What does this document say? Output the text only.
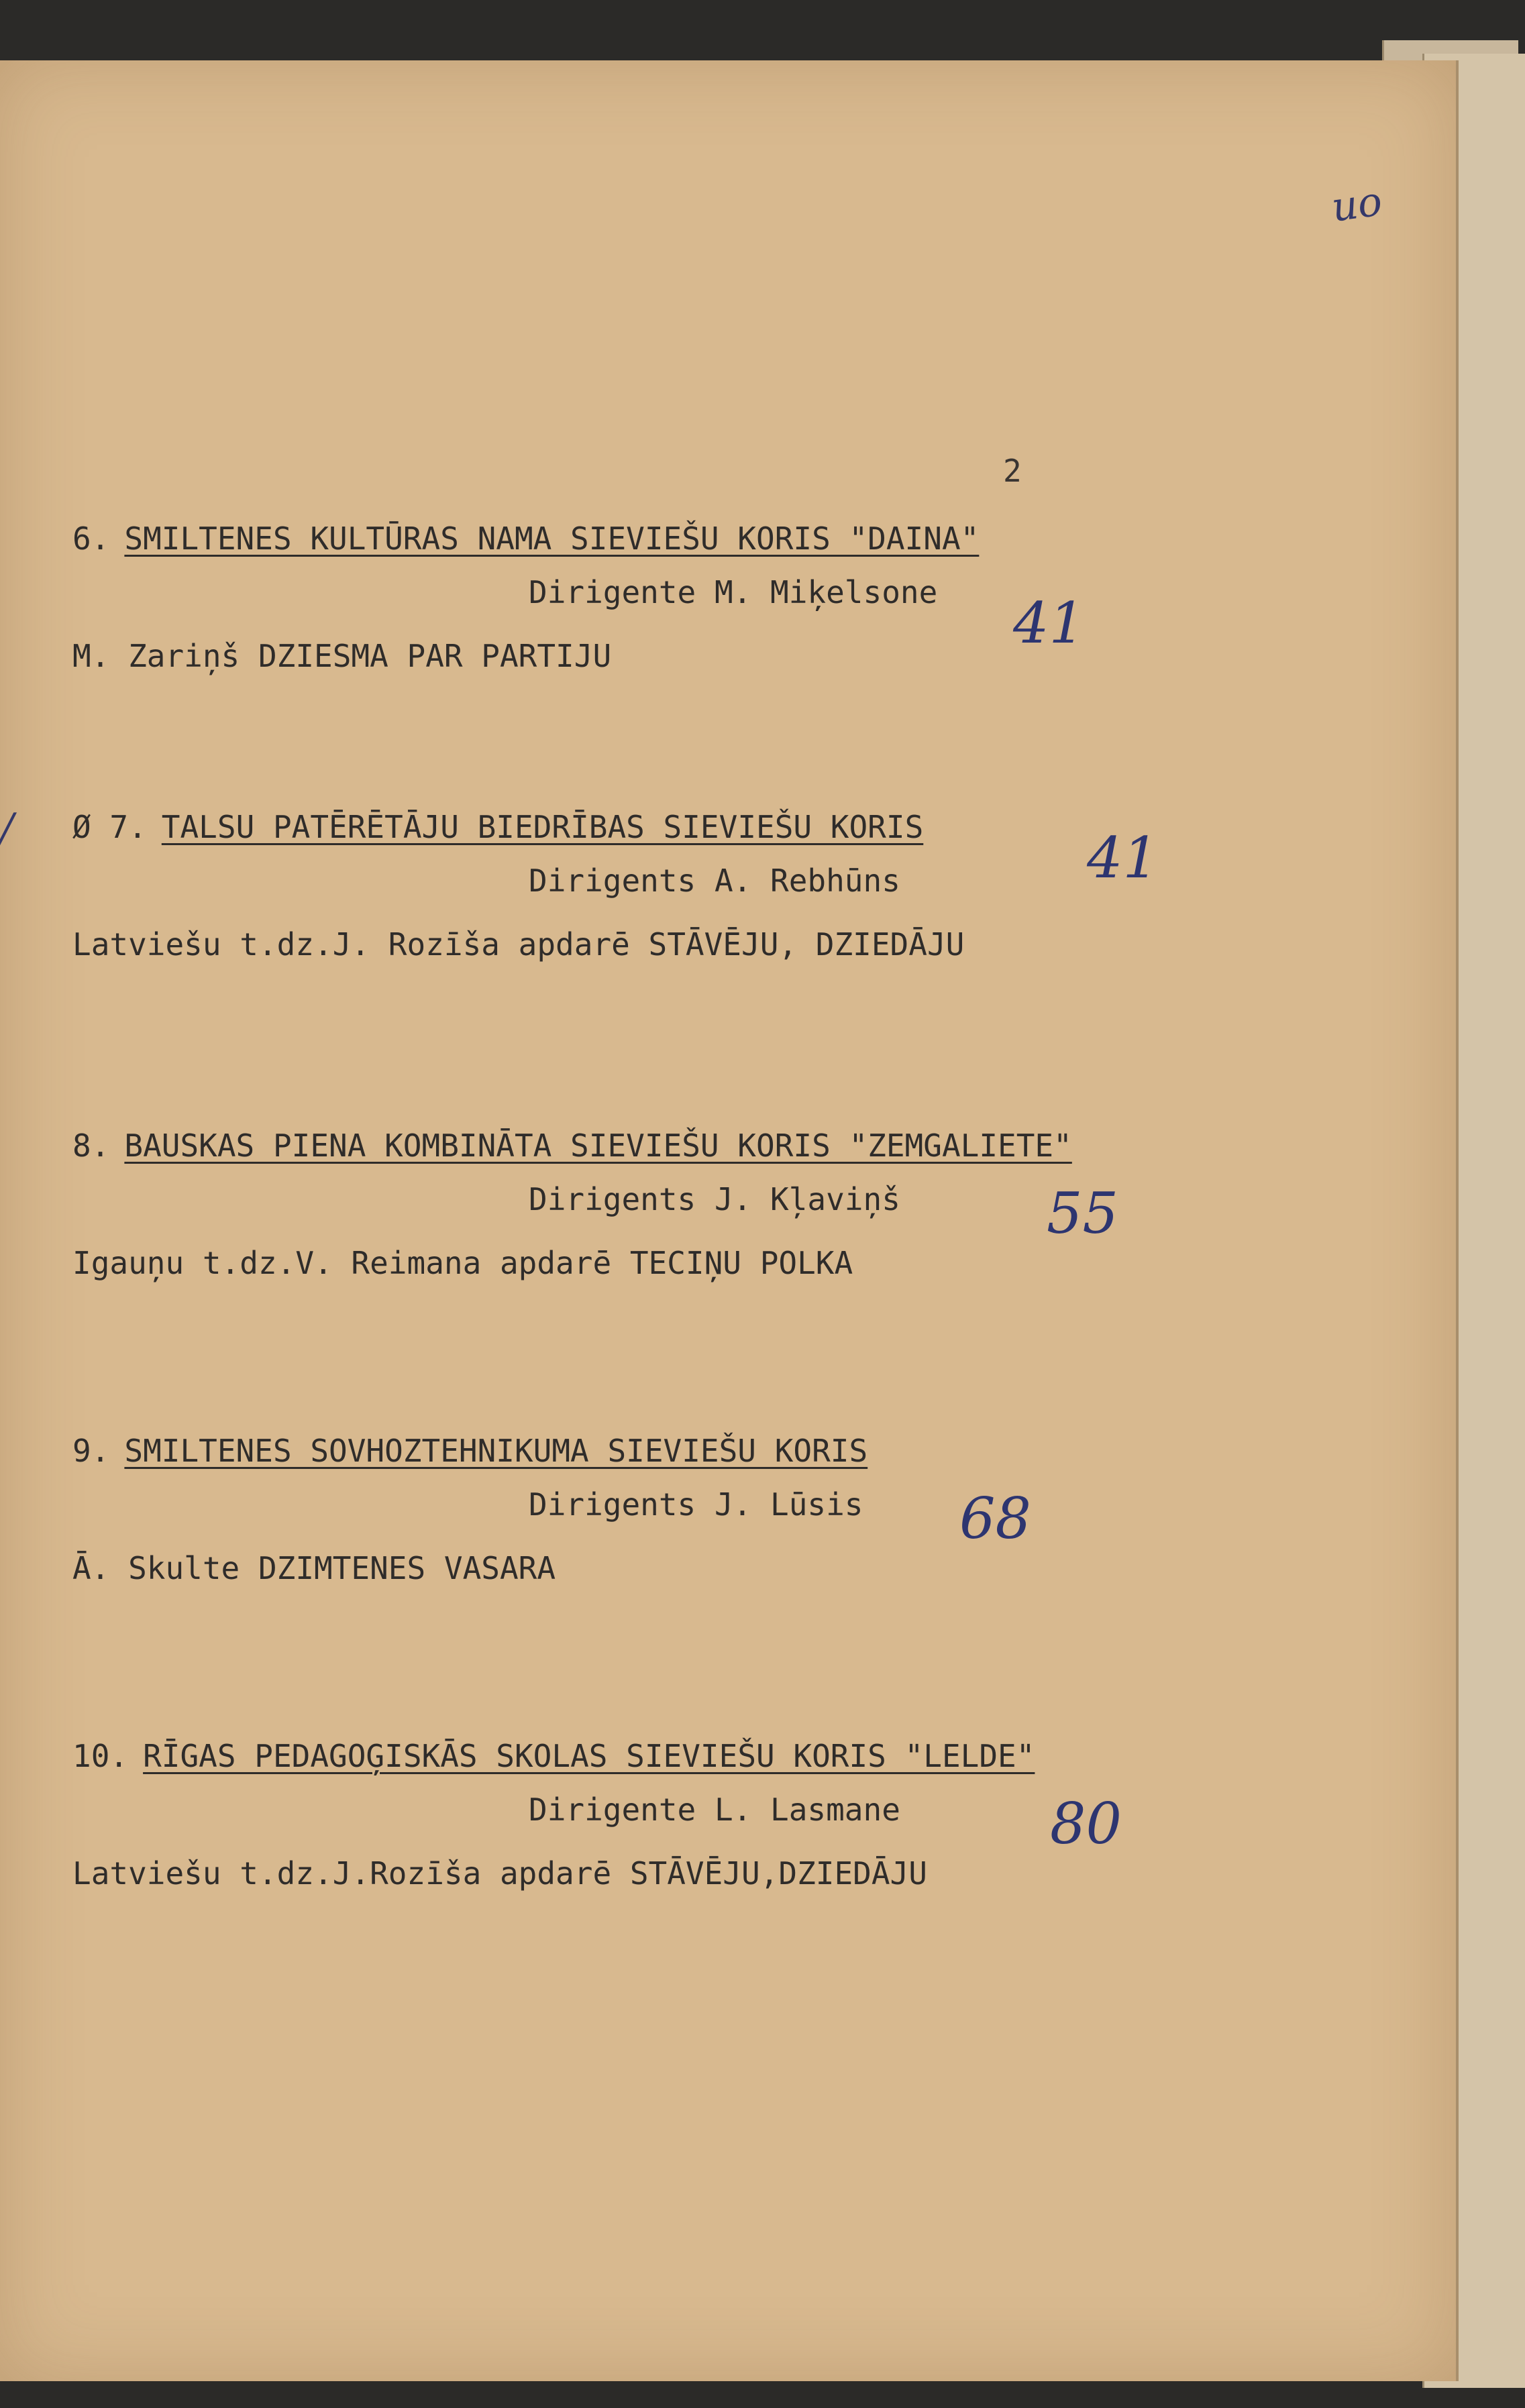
ио
2
6. SMILTENES KULTŪRAS NAMA SIEVIEŠU KORIS "DAINA"
Dirigente M. Miķelsone
M. Zariņš DZIESMA PAR PARTIJU	41
/ Ø 7. TALSU PATĒRĒTĀJU BIEDRĪBAS SIEVIEŠU KORIS
Dirigents A. Rebhūns
Latviešu t.dz.J. Rozīša apdarē STĀVĒJU, DZIEDĀJU
41
8. BAUSKAS PIENA KOMBINĀTA SIEVIEŠU KORIS "ZEMGALIETE"
Dirigents J. Kļaviņš
Igauņu t.dz.V. Reimana apdarē TECIŅU POLKA
55
9. SMILTENES SOVHOZTEHNIKUMA SIEVIEŠU KORIS
Dirigents J. Lūsis
Ā. Skulte DZIMTENES VASARA
68
10. RĪGAS PEDAGOĢISKĀS SKOLAS SIEVIEŠU KORIS "LELDE"
Dirigente L. Lasmane
Latviešu t.dz.J.Rozīša apdarē STĀVĒJU,DZIEDĀJU
80
